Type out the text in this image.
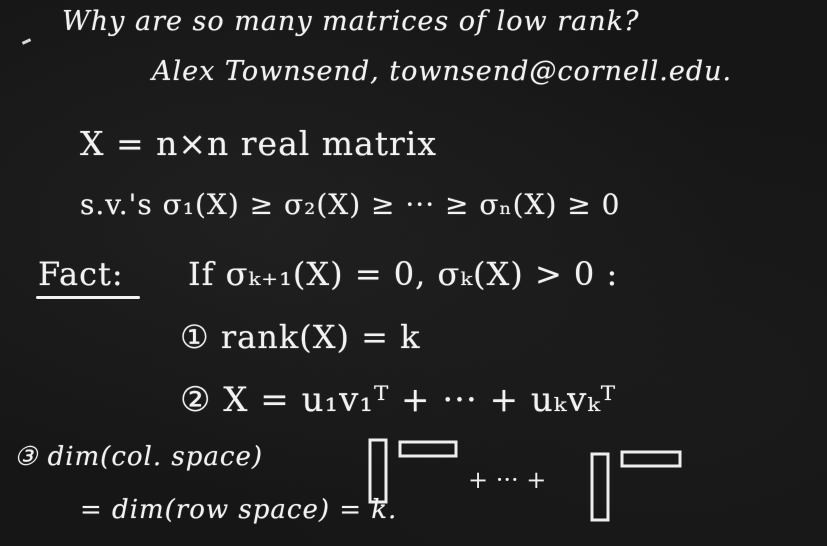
Why are so many matrices of low rank?
Alex Townsend, townsend@cornell.edu.
X = n×n real matrix
s.v.'s σ₁(X) ≥ σ₂(X) ≥ ··· ≥ σₙ(X) ≥ 0
Fact: If σₖ₊₁(X) = 0, σₖ(X) > 0 :
① rank(X) = k
② X = u₁v₁ᵀ + ··· + uₖvₖᵀ
③ dim(col. space)
= dim(row space) = k.
+ ··· +
